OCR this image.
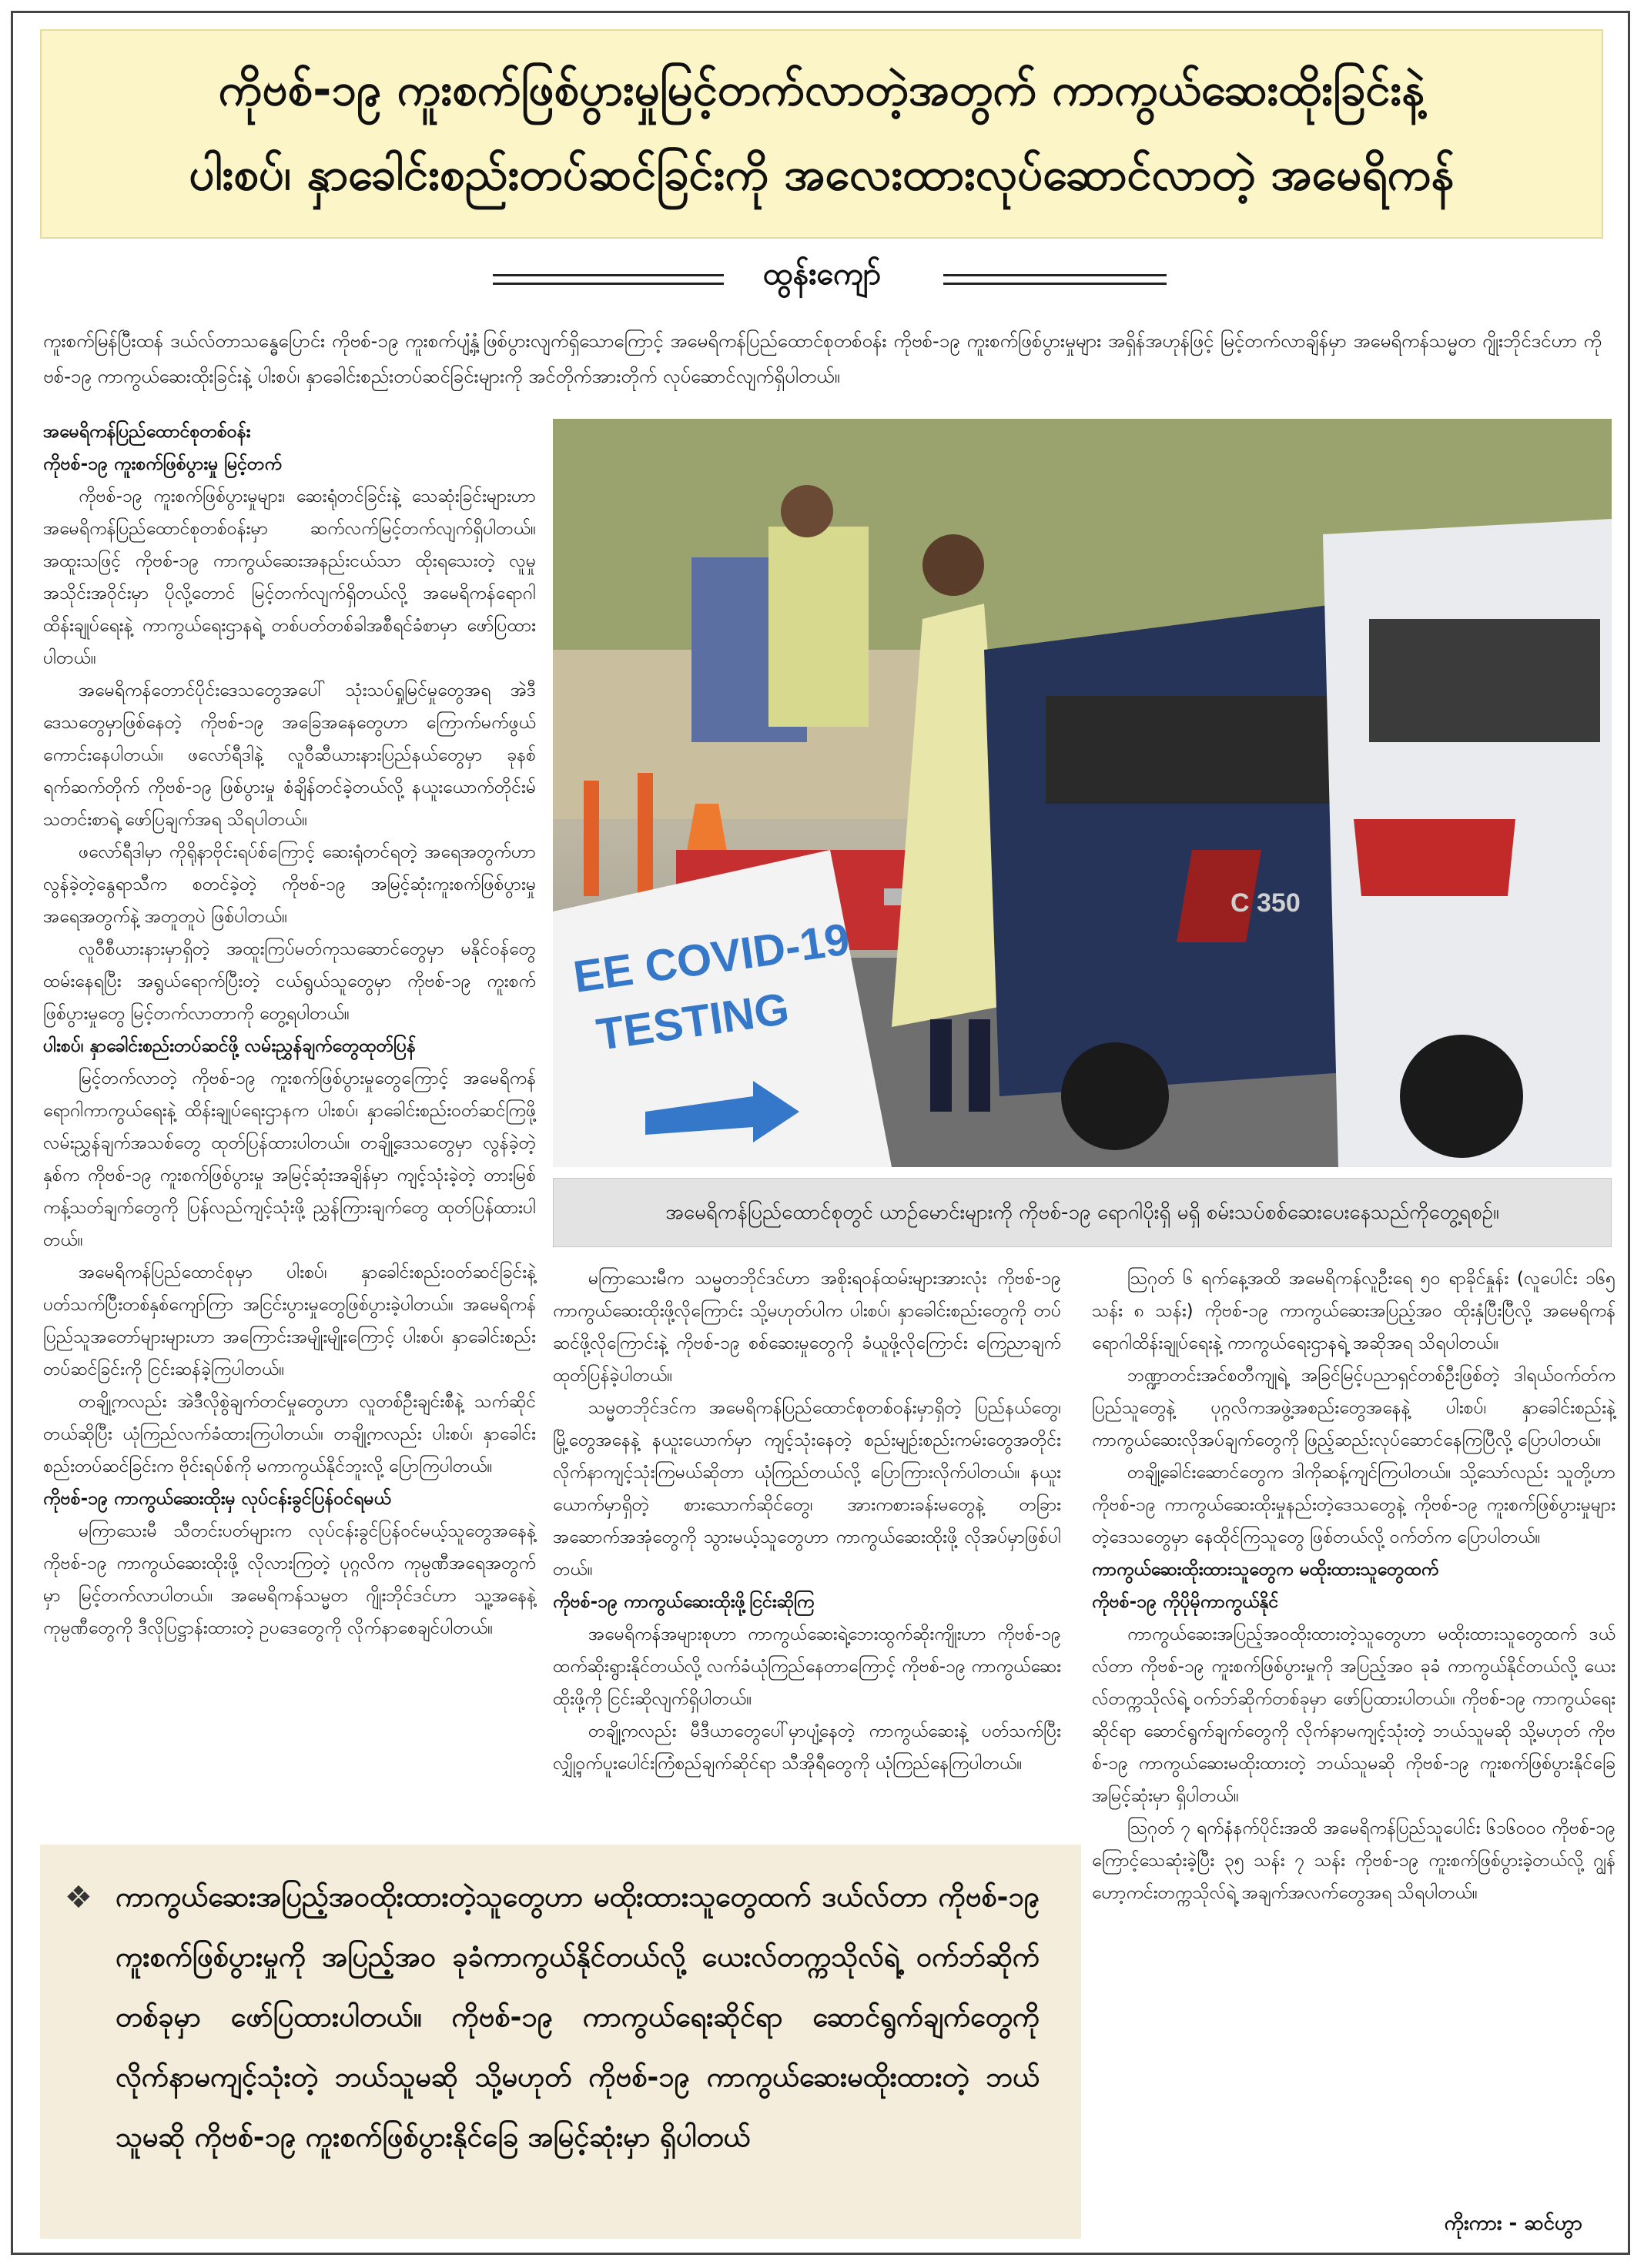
ကိုဗစ်-၁၉ ကူးစက်ဖြစ်ပွားမှုမြင့်တက်လာတဲ့အတွက် ကာကွယ်ဆေးထိုးခြင်းနဲ့
ပါးစပ်၊ နှာခေါင်းစည်းတပ်ဆင်ခြင်းကို အလေးထားလုပ်ဆောင်လာတဲ့ အမေရိကန်
ထွန်းကျော်
ကူးစက်မြန်ပြီးထန် ဒယ်လ်တာသန္ဓေပြောင်း ကိုဗစ်-၁၉ ကူးစက်ပျံ့နှံ့ဖြစ်ပွားလျက်ရှိသောကြောင့် အမေရိကန်ပြည်ထောင်စုတစ်ဝန်း ကိုဗစ်-၁၉ ကူးစက်ဖြစ်ပွားမှုများ အရှိန်အဟုန်ဖြင့် မြင့်တက်လာချိန်မှာ အမေရိကန်သမ္မတ ဂျိုးဘိုင်ဒင်ဟာ ကိုဗစ်-၁၉ ကာကွယ်ဆေးထိုးခြင်းနဲ့ ပါးစပ်၊ နှာခေါင်းစည်းတပ်ဆင်ခြင်းများကို အင်တိုက်အားတိုက် လုပ်ဆောင်လျက်ရှိပါတယ်။

အမေရိကန်ပြည်ထောင်စုတစ်ဝန်း

ကိုဗစ်-၁၉ ကူးစက်ဖြစ်ပွားမှု မြင့်တက်

ကိုဗစ်-၁၉ ကူးစက်ဖြစ်ပွားမှုများ၊ ဆေးရုံတင်ခြင်းနဲ့ သေဆုံးခြင်းများဟာ အမေရိကန်ပြည်ထောင်စုတစ်ဝန်းမှာ ဆက်လက်မြင့်တက်လျက်ရှိပါတယ်။ အထူးသဖြင့် ကိုဗစ်-၁၉ ကာကွယ်ဆေးအနည်းငယ်သာ ထိုးရသေးတဲ့ လူမှုအသိုင်းအဝိုင်းမှာ ပိုလို့တောင် မြင့်တက်လျက်ရှိတယ်လို့ အမေရိကန်ရောဂါထိန်းချုပ်ရေးနဲ့ ကာကွယ်ရေးဌာနရဲ့ တစ်ပတ်တစ်ခါအစီရင်ခံစာမှာ ဖော်ပြထားပါတယ်။

အမေရိကန်တောင်ပိုင်းဒေသတွေအပေါ် သုံးသပ်ရှုမြင်မှုတွေအရ အဲဒီဒေသတွေမှာဖြစ်နေတဲ့ ကိုဗစ်-၁၉ အခြေအနေတွေဟာ ကြောက်မက်ဖွယ်ကောင်းနေပါတယ်။ ဖလော်ရီဒါနဲ့ လူဝီဆီယားနားပြည်နယ်တွေမှာ ခုနစ်ရက်ဆက်တိုက် ကိုဗစ်-၁၉ ဖြစ်ပွားမှု စံချိန်တင်ခဲ့တယ်လို့ နယူးယောက်တိုင်းမ်သတင်းစာရဲ့ ဖော်ပြချက်အရ သိရပါတယ်။

ဖလော်ရီဒါမှာ ကိုရိုနာဗိုင်းရပ်စ်ကြောင့် ဆေးရုံတင်ရတဲ့ အရေအတွက်ဟာ လွန်ခဲ့တဲ့နွေရာသီက စတင်ခဲ့တဲ့ ကိုဗစ်-၁၉ အမြင့်ဆုံးကူးစက်ဖြစ်ပွားမှုအရေအတွက်နဲ့ အတူတူပဲ ဖြစ်ပါတယ်။

လူဝီစီယားနားမှာရှိတဲ့ အထူးကြပ်မတ်ကုသဆောင်တွေမှာ မနိုင်ဝန်တွေထမ်းနေရပြီး အရွယ်ရောက်ပြီးတဲ့ ငယ်ရွယ်သူတွေမှာ ကိုဗစ်-၁၉ ကူးစက်ဖြစ်ပွားမှုတွေ မြင့်တက်လာတာကို တွေ့ရပါတယ်။

ပါးစပ်၊ နှာခေါင်းစည်းတပ်ဆင်ဖို့ လမ်းညွှန်ချက်တွေထုတ်ပြန်

မြင့်တက်လာတဲ့ ကိုဗစ်-၁၉ ကူးစက်ဖြစ်ပွားမှုတွေကြောင့် အမေရိကန်ရောဂါကာကွယ်ရေးနဲ့ ထိန်းချုပ်ရေးဌာနက ပါးစပ်၊ နှာခေါင်းစည်းဝတ်ဆင်ကြဖို့ လမ်းညွှန်ချက်အသစ်တွေ ထုတ်ပြန်ထားပါတယ်။ တချို့ဒေသတွေမှာ လွန်ခဲ့တဲ့နှစ်က ကိုဗစ်-၁၉ ကူးစက်ဖြစ်ပွားမှု အမြင့်ဆုံးအချိန်မှာ ကျင့်သုံးခဲ့တဲ့ တားမြစ်ကန့်သတ်ချက်တွေကို ပြန်လည်ကျင့်သုံးဖို့ ညွှန်ကြားချက်တွေ ထုတ်ပြန်ထားပါတယ်။

အမေရိကန်ပြည်ထောင်စုမှာ ပါးစပ်၊ နှာခေါင်းစည်းဝတ်ဆင်ခြင်းနဲ့ပတ်သက်ပြီးတစ်နှစ်ကျော်ကြာ အငြင်းပွားမှုတွေဖြစ်ပွားခဲ့ပါတယ်။ အမေရိကန်ပြည်သူအတော်များများဟာ အကြောင်းအမျိုးမျိုးကြောင့် ပါးစပ်၊ နှာခေါင်းစည်းတပ်ဆင်ခြင်းကို ငြင်းဆန်ခဲ့ကြပါတယ်။

တချို့ကလည်း အဲဒီလိုစွဲချက်တင်မှုတွေဟာ လူတစ်ဦးချင်းစီနဲ့ သက်ဆိုင်တယ်ဆိုပြီး ယုံကြည်လက်ခံထားကြပါတယ်။ တချို့ကလည်း ပါးစပ်၊ နှာခေါင်းစည်းတပ်ဆင်ခြင်းက ဗိုင်းရပ်စ်ကို မကာကွယ်နိုင်ဘူးလို့ ပြောကြပါတယ်။

ကိုဗစ်-၁၉ ကာကွယ်ဆေးထိုးမှ လုပ်ငန်းခွင်ပြန်ဝင်ရမယ်

မကြာသေးမီ သီတင်းပတ်များက လုပ်ငန်းခွင်ပြန်ဝင်မယ့်သူတွေအနေနဲ့ ကိုဗစ်-၁၉ ကာကွယ်ဆေးထိုးဖို့ လိုလားကြတဲ့ ပုဂ္ဂလိက ကုမ္ပဏီအရေအတွက်မှာ မြင့်တက်လာပါတယ်။ အမေရိကန်သမ္မတ ဂျိုးဘိုင်ဒင်ဟာ သူ့အနေနဲ့ ကုမ္ပဏီတွေကို ဒီလိုပြဋ္ဌာန်းထားတဲ့ ဥပဒေတွေကို လိုက်နာစေချင်ပါတယ်။

EE COVID-19
TESTING
C 350
အမေရိကန်ပြည်ထောင်စုတွင် ယာဉ်မောင်းများကို ကိုဗစ်-၁၉ ရောဂါပိုးရှိ မရှိ စမ်းသပ်စစ်ဆေးပေးနေသည်ကိုတွေ့ရစဉ်။

မကြာသေးမီက သမ္မတဘိုင်ဒင်ဟာ အစိုးရဝန်ထမ်းများအားလုံး ကိုဗစ်-၁၉ ကာကွယ်ဆေးထိုးဖို့လိုကြောင်း သို့မဟုတ်ပါက ပါးစပ်၊ နှာခေါင်းစည်းတွေကို တပ်ဆင်ဖို့လိုကြောင်းနဲ့ ကိုဗစ်-၁၉ စစ်ဆေးမှုတွေကို ခံယူဖို့လိုကြောင်း ကြေညာချက်ထုတ်ပြန်ခဲ့ပါတယ်။

သမ္မတဘိုင်ဒင်က အမေရိကန်ပြည်ထောင်စုတစ်ဝန်းမှာရှိတဲ့ ပြည်နယ်တွေ၊ မြို့တွေအနေနဲ့ နယူးယောက်မှာ ကျင့်သုံးနေတဲ့ စည်းမျဉ်းစည်းကမ်းတွေအတိုင်း လိုက်နာကျင့်သုံးကြမယ်ဆိုတာ ယုံကြည်တယ်လို့ ပြောကြားလိုက်ပါတယ်။ နယူးယောက်မှာရှိတဲ့ စားသောက်ဆိုင်တွေ၊ အားကစားခန်းမတွေနဲ့ တခြားအဆောက်အအုံတွေကို သွားမယ့်သူတွေဟာ ကာကွယ်ဆေးထိုးဖို့ လိုအပ်မှာဖြစ်ပါတယ်။

ကိုဗစ်-၁၉ ကာကွယ်ဆေးထိုးဖို့ငြင်းဆိုကြ

အမေရိကန်အများစုဟာ ကာကွယ်ဆေးရဲ့ဘေးထွက်ဆိုးကျိုးဟာ ကိုဗစ်-၁၉ ထက်ဆိုးရွားနိုင်တယ်လို့ လက်ခံယုံကြည်နေတာကြောင့် ကိုဗစ်-၁၉ ကာကွယ်ဆေးထိုးဖို့ကို ငြင်းဆိုလျက်ရှိပါတယ်။

တချို့ကလည်း မီဒီယာတွေပေါ်မှာပျံ့နေတဲ့ ကာကွယ်ဆေးနဲ့ ပတ်သက်ပြီး လျှို့ဝှက်ပူးပေါင်းကြံစည်ချက်ဆိုင်ရာ သီအိုရီတွေကို ယုံကြည်နေကြပါတယ်။

ဩဂုတ် ၆ ရက်နေ့အထိ အမေရိကန်လူဦးရေ ၅၀ ရာခိုင်နှုန်း (လူပေါင်း ၁၆၅ သန်း ၈ သန်း) ကိုဗစ်-၁၉ ကာကွယ်ဆေးအပြည့်အဝ ထိုးနှံပြီးပြီလို့ အမေရိကန်ရောဂါထိန်းချုပ်ရေးနဲ့ ကာကွယ်ရေးဌာနရဲ့ အဆိုအရ သိရပါတယ်။

ဘဏ္ဍာတင်းအင်စတီကျုရဲ့ အခြင်မြင့်ပညာရှင်တစ်ဦးဖြစ်တဲ့ ဒါရယ်ဝက်တ်က ပြည်သူတွေနဲ့ ပုဂ္ဂလိကအဖွဲ့အစည်းတွေအနေနဲ့ ပါးစပ်၊ နှာခေါင်းစည်းနဲ့ ကာကွယ်ဆေးလိုအပ်ချက်တွေကို ဖြည့်ဆည်းလုပ်ဆောင်နေကြပြီလို့ ပြောပါတယ်။

တချို့ခေါင်းဆောင်တွေက ဒါကိုဆန့်ကျင်ကြပါတယ်။ သို့သော်လည်း သူတို့ဟာ ကိုဗစ်-၁၉ ကာကွယ်ဆေးထိုးမှုနည်းတဲ့ဒေသတွေနဲ့ ကိုဗစ်-၁၉ ကူးစက်ဖြစ်ပွားမှုများတဲ့ဒေသတွေမှာ နေထိုင်ကြသူတွေ ဖြစ်တယ်လို့ ဝက်တ်က ပြောပါတယ်။

ကာကွယ်ဆေးထိုးထားသူတွေက မထိုးထားသူတွေထက်

ကိုဗစ်-၁၉ ကိုပိုမိုကာကွယ်နိုင်

ကာကွယ်ဆေးအပြည့်အဝထိုးထားတဲ့သူတွေဟာ မထိုးထားသူတွေထက် ဒယ်လ်တာ ကိုဗစ်-၁၉ ကူးစက်ဖြစ်ပွားမှုကို အပြည့်အဝ ခုခံ ကာကွယ်နိုင်တယ်လို့ ယေးလ်တက္ကသိုလ်ရဲ့ ဝက်ဘ်ဆိုက်တစ်ခုမှာ ဖော်ပြထားပါတယ်။ ကိုဗစ်-၁၉ ကာကွယ်ရေးဆိုင်ရာ ဆောင်ရွက်ချက်တွေကို လိုက်နာမကျင့်သုံးတဲ့ ဘယ်သူမဆို သို့မဟုတ် ကိုဗစ်-၁၉ ကာကွယ်ဆေးမထိုးထားတဲ့ ဘယ်သူမဆို ကိုဗစ်-၁၉ ကူးစက်ဖြစ်ပွားနိုင်ခြေ အမြင့်ဆုံးမှာ ရှိပါတယ်။

ဩဂုတ် ၇ ရက်နံနက်ပိုင်းအထိ အမေရိကန်ပြည်သူပေါင်း ၆၁၆၀၀၀ ကိုဗစ်-၁၉ ကြောင့်သေဆုံးခဲ့ပြီး ၃၅ သန်း ၇ သန်း ကိုဗစ်-၁၉ ကူးစက်ဖြစ်ပွားခဲ့တယ်လို့ ဂျွန်ဟော့ကင်းတက္ကသိုလ်ရဲ့ အချက်အလက်တွေအရ သိရပါတယ်။

❖ ကာကွယ်ဆေးအပြည့်အဝထိုးထားတဲ့သူတွေဟာ မထိုးထားသူတွေထက် ဒယ်လ်တာ ကိုဗစ်-၁၉ ကူးစက်ဖြစ်ပွားမှုကို အပြည့်အဝ ခုခံကာကွယ်နိုင်တယ်လို့ ယေးလ်တက္ကသိုလ်ရဲ့ ဝက်ဘ်ဆိုက်တစ်ခုမှာ ဖော်ပြထားပါတယ်။ ကိုဗစ်-၁၉ ကာကွယ်ရေးဆိုင်ရာ ဆောင်ရွက်ချက်တွေကို လိုက်နာမကျင့်သုံးတဲ့ ဘယ်သူမဆို သို့မဟုတ် ကိုဗစ်-၁၉ ကာကွယ်ဆေးမထိုးထားတဲ့ ဘယ်သူမဆို ကိုဗစ်-၁၉ ကူးစက်ဖြစ်ပွားနိုင်ခြေ အမြင့်ဆုံးမှာ ရှိပါတယ်
ကိုးကား - ဆင်ဟွာ
